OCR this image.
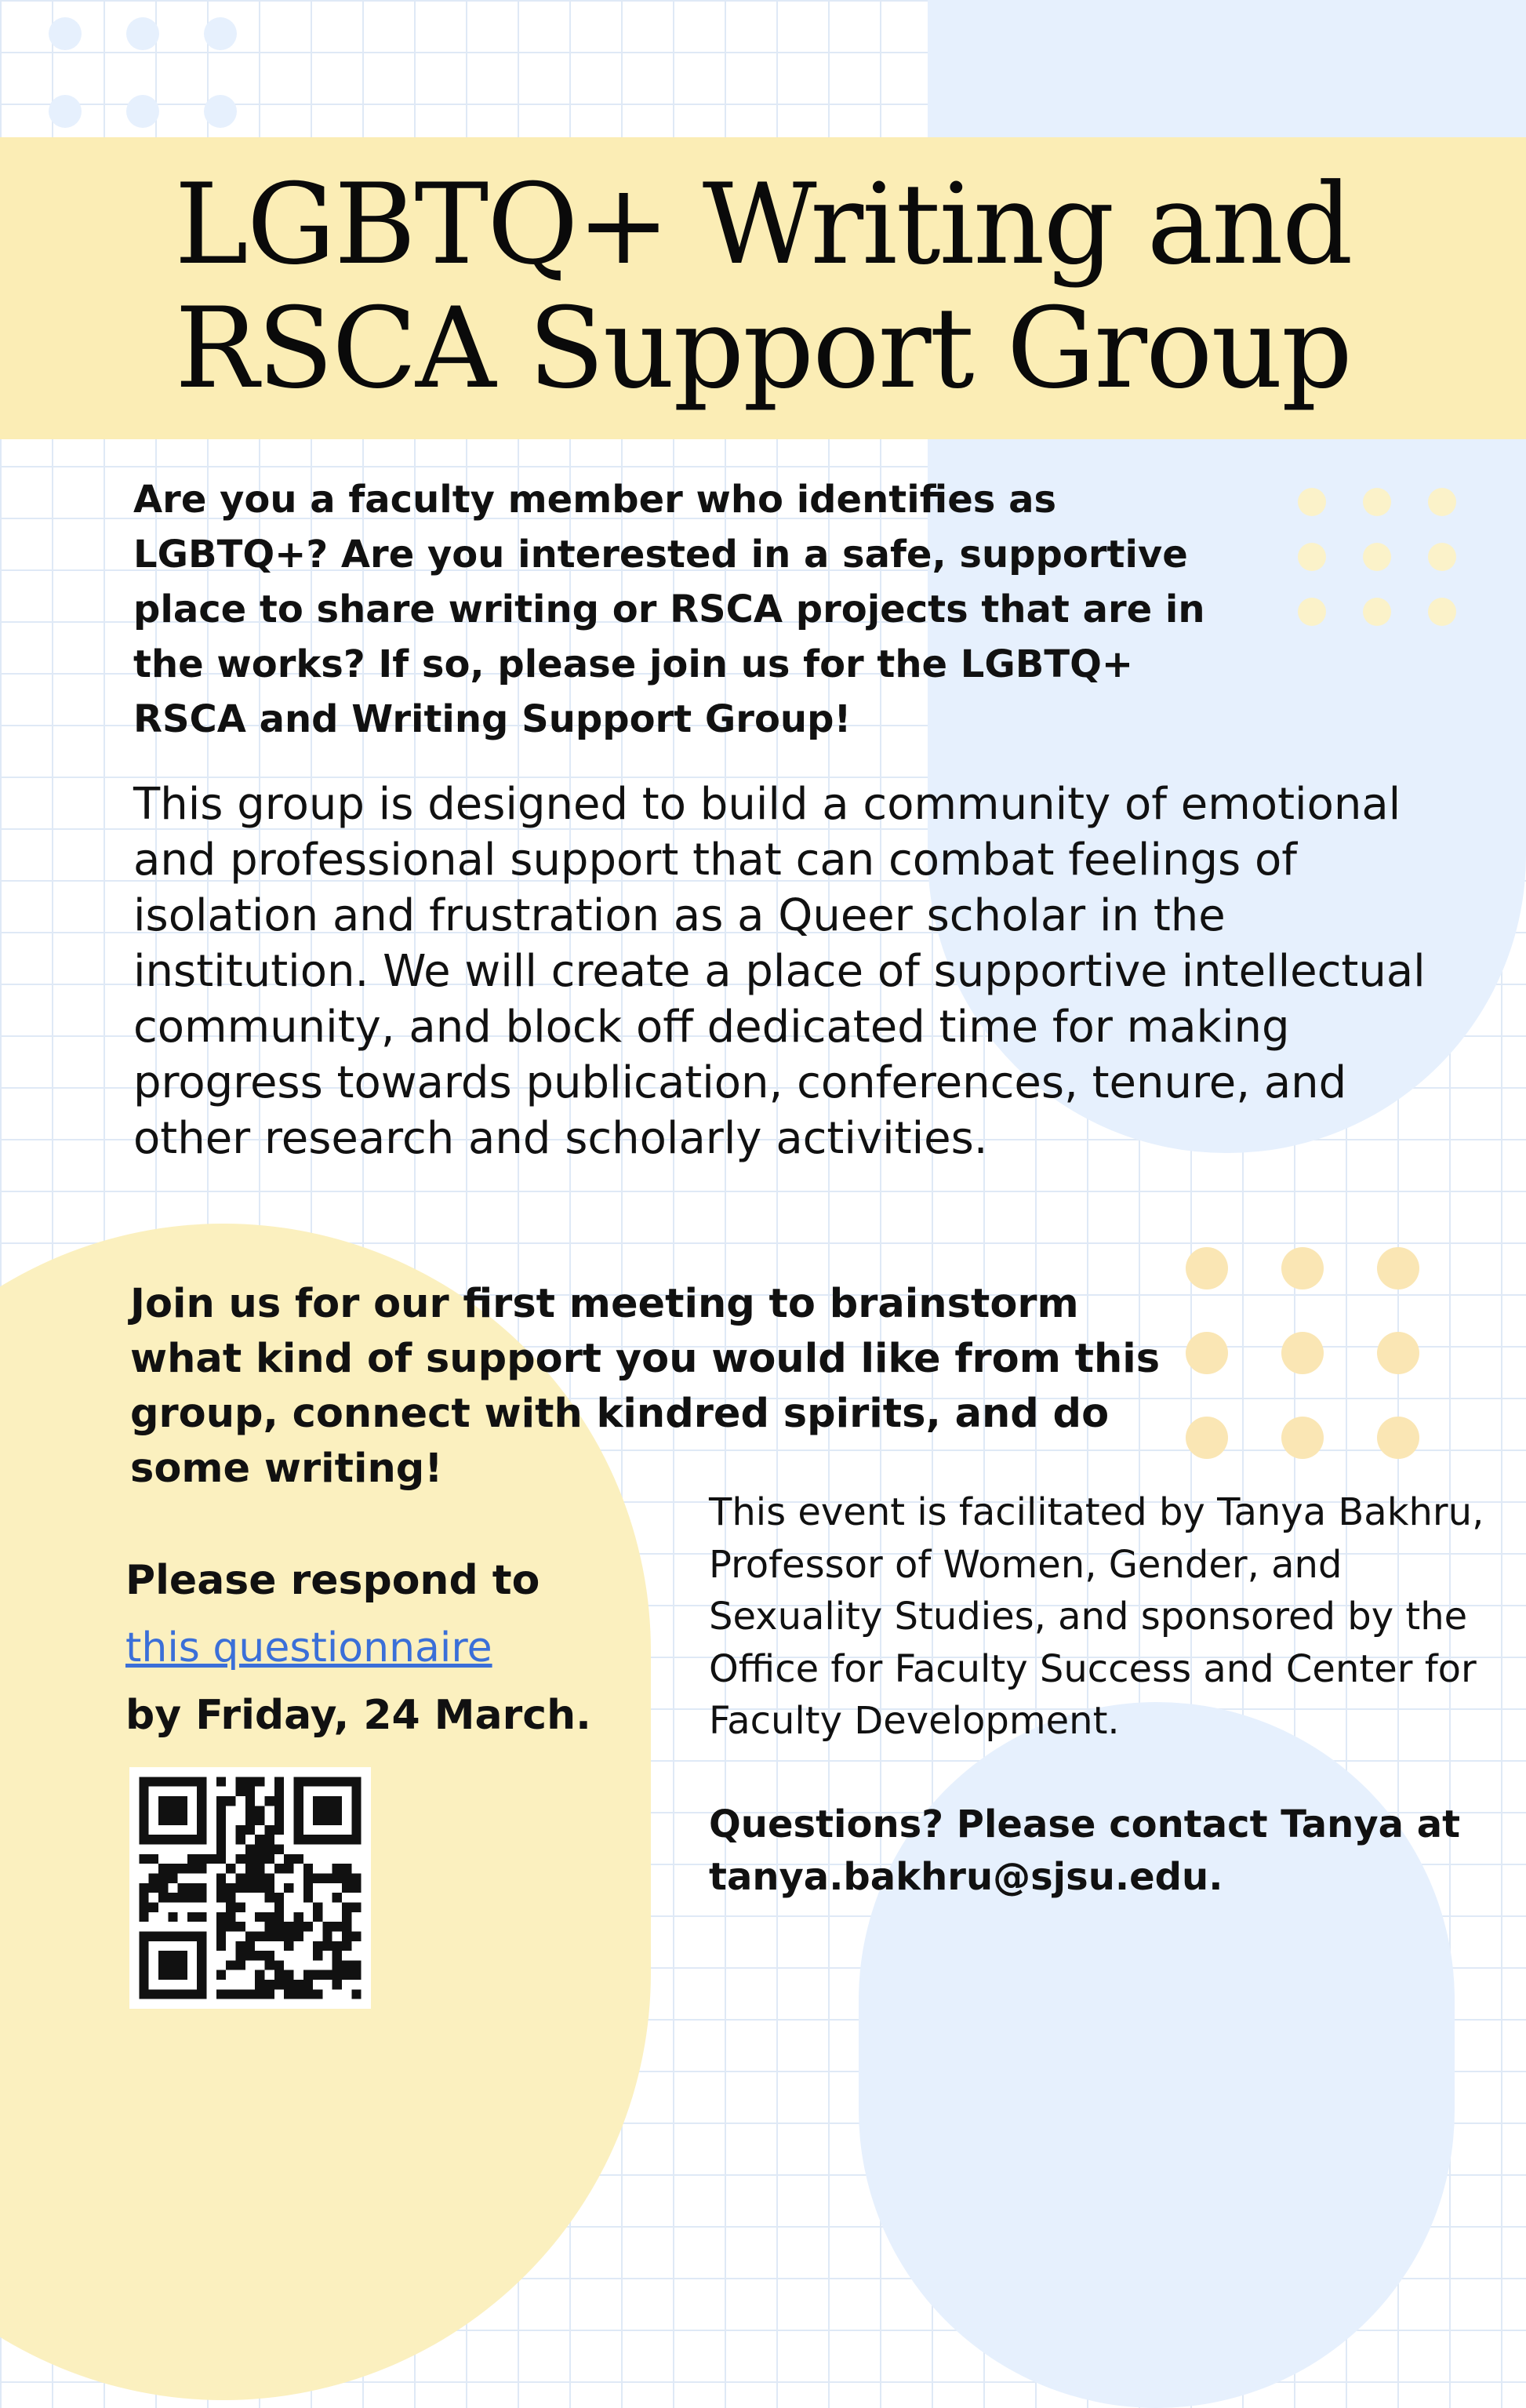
LGBTQ+ Writing and
RSCA Support Group

Are you a faculty member who identifies as LGBTQ+? Are you interested in a safe, supportive place to share writing or RSCA projects that are in the works? If so, please join us for the LGBTQ+ RSCA and Writing Support Group!

This group is designed to build a community of emotional and professional support that can combat feelings of isolation and frustration as a Queer scholar in the institution. We will create a place of supportive intellectual community, and block off dedicated time for making progress towards publication, conferences, tenure, and other research and scholarly activities.

Join us for our first meeting to brainstorm what kind of support you would like from this group, connect with kindred spirits, and do some writing!

Please respond to
this questionnaire
by Friday, 24 March.

This event is facilitated by Tanya Bakhru, Professor of Women, Gender, and Sexuality Studies, and sponsored by the Office for Faculty Success and Center for Faculty Development.

Questions? Please contact Tanya at
tanya.bakhru@sjsu.edu.
